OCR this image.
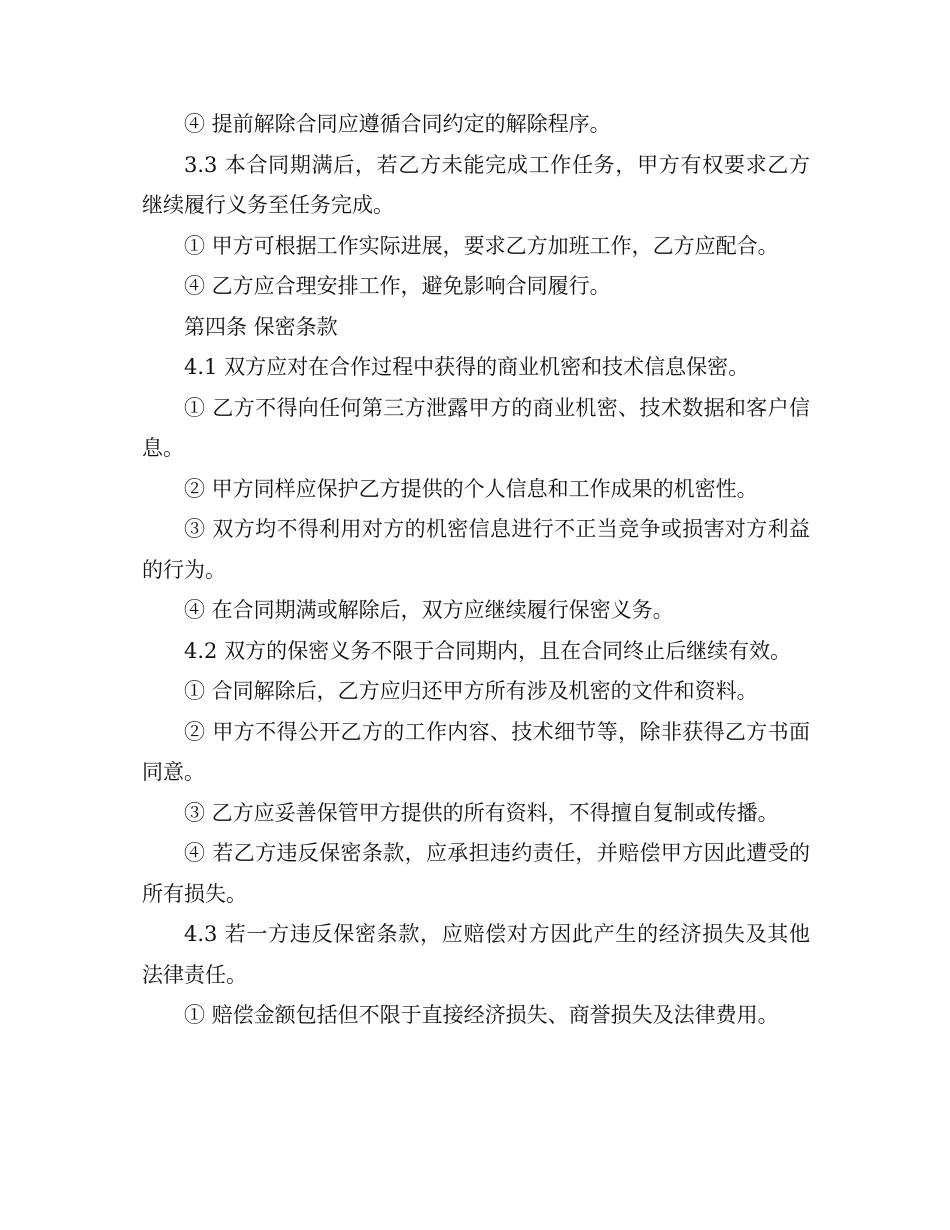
④ 提前解除合同应遵循合同约定的解除程序。

3.3 本合同期满后，若乙方未能完成工作任务，甲方有权要求乙方继续履行义务至任务完成。

① 甲方可根据工作实际进展，要求乙方加班工作，乙方应配合。

④ 乙方应合理安排工作，避免影响合同履行。

第四条 保密条款

4.1 双方应对在合作过程中获得的商业机密和技术信息保密。

① 乙方不得向任何第三方泄露甲方的商业机密、技术数据和客户信息。

② 甲方同样应保护乙方提供的个人信息和工作成果的机密性。

③ 双方均不得利用对方的机密信息进行不正当竞争或损害对方利益的行为。

④ 在合同期满或解除后，双方应继续履行保密义务。

4.2 双方的保密义务不限于合同期内，且在合同终止后继续有效。

① 合同解除后，乙方应归还甲方所有涉及机密的文件和资料。

② 甲方不得公开乙方的工作内容、技术细节等，除非获得乙方书面同意。

③ 乙方应妥善保管甲方提供的所有资料，不得擅自复制或传播。

④ 若乙方违反保密条款，应承担违约责任，并赔偿甲方因此遭受的所有损失。

4.3 若一方违反保密条款，应赔偿对方因此产生的经济损失及其他法律责任。

① 赔偿金额包括但不限于直接经济损失、商誉损失及法律费用。
